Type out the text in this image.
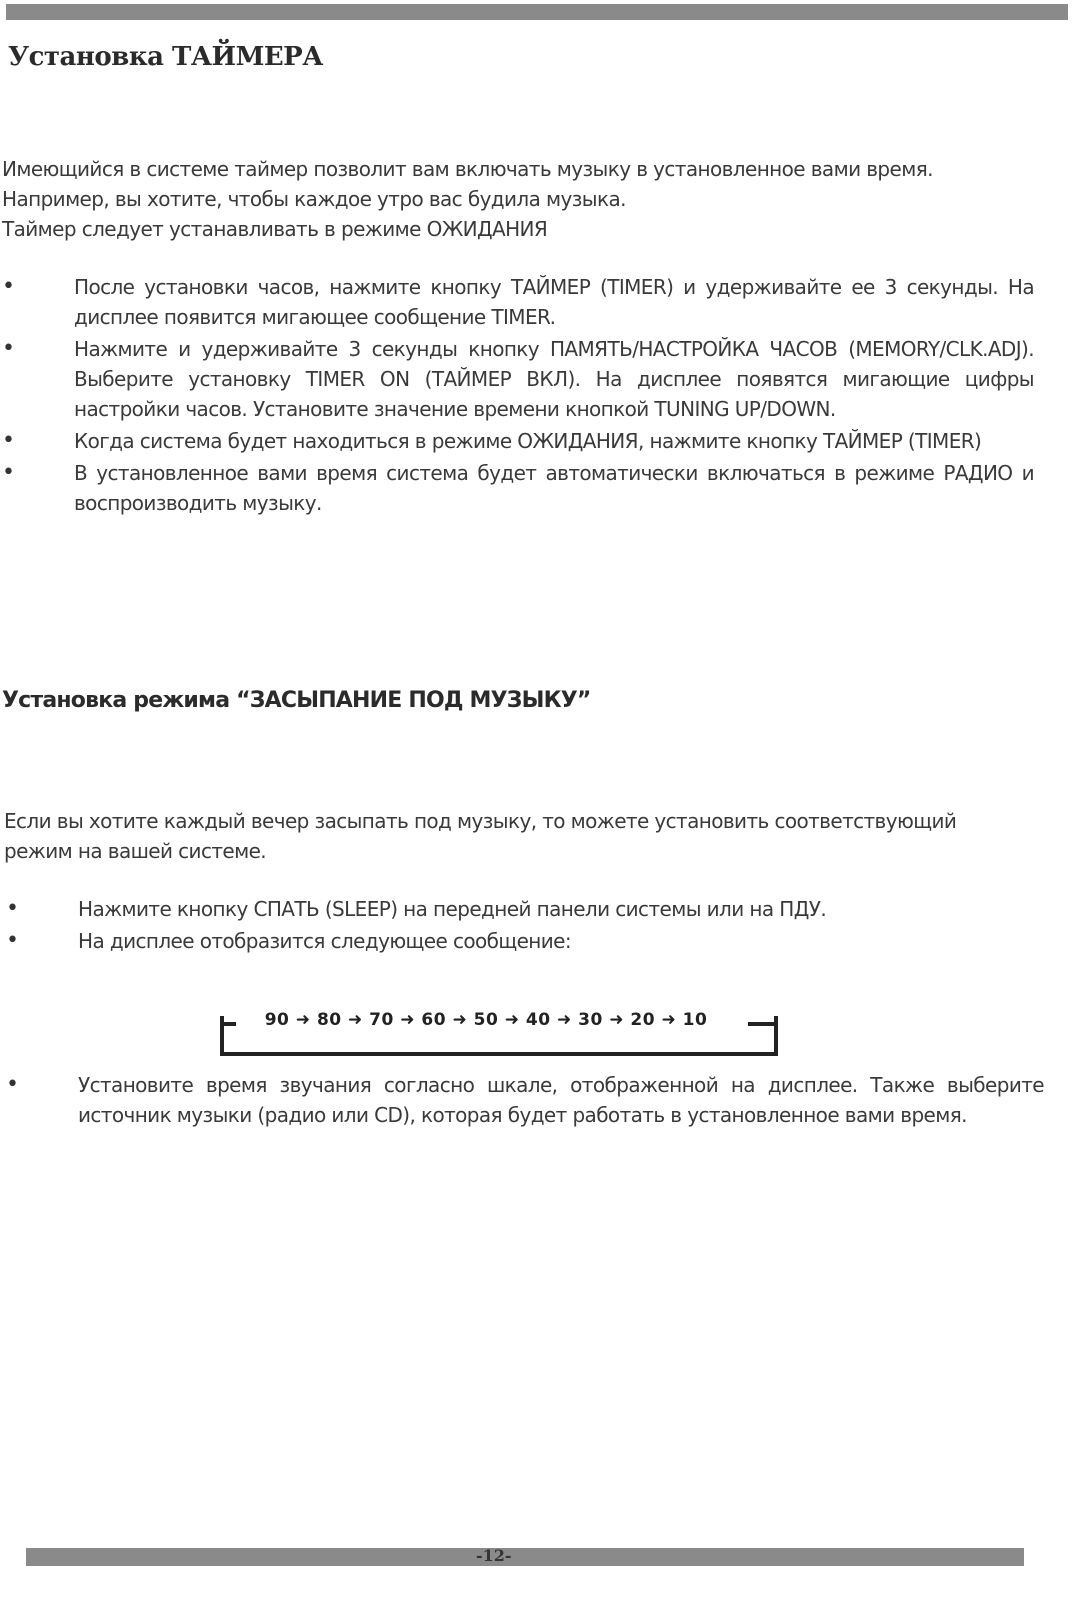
Установка ТАЙМЕРА

Имеющийся в системе таймер позволит вам включать музыку в установленное вами время.

Например, вы хотите, чтобы каждое утро вас будила музыка.

Таймер следует устанавливать в режиме ОЖИДАНИЯ

•	После установки часов, нажмите кнопку ТАЙМЕР (TIMER) и удерживайте ее 3 секунды. На дисплее появится мигающее сообщение TIMER.
•	Нажмите и удерживайте 3 секунды кнопку ПАМЯТЬ/НАСТРОЙКА ЧАСОВ (MEMORY/CLK.ADJ). Выберите установку TIMER ON (ТАЙМЕР ВКЛ). На дисплее появятся мигающие цифры настройки часов. Установите значение времени кнопкой TUNING UP/DOWN.
•	Когда система будет находиться в режиме ОЖИДАНИЯ, нажмите кнопку ТАЙМЕР (TIMER)
•	В установленное вами время система будет автоматически включаться в режиме РАДИО и воспроизводить музыку.
Установка режима “ЗАСЫПАНИЕ ПОД МУЗЫКУ”

Если вы хотите каждый вечер засыпать под музыку, то можете установить соответствующий

режим на вашей системе.

•	Нажмите кнопку СПАТЬ (SLEEP) на передней панели системы или на ПДУ.
•	На дисплее отобразится следующее сообщение:
90 ➜ 80 ➜ 70 ➜ 60 ➜ 50 ➜ 40 ➜ 30 ➜ 20 ➜ 10
•	Установите время звучания согласно шкале, отображенной на дисплее. Также выберите источник музыки (радио или CD), которая будет работать в установленное вами время.
-12-
